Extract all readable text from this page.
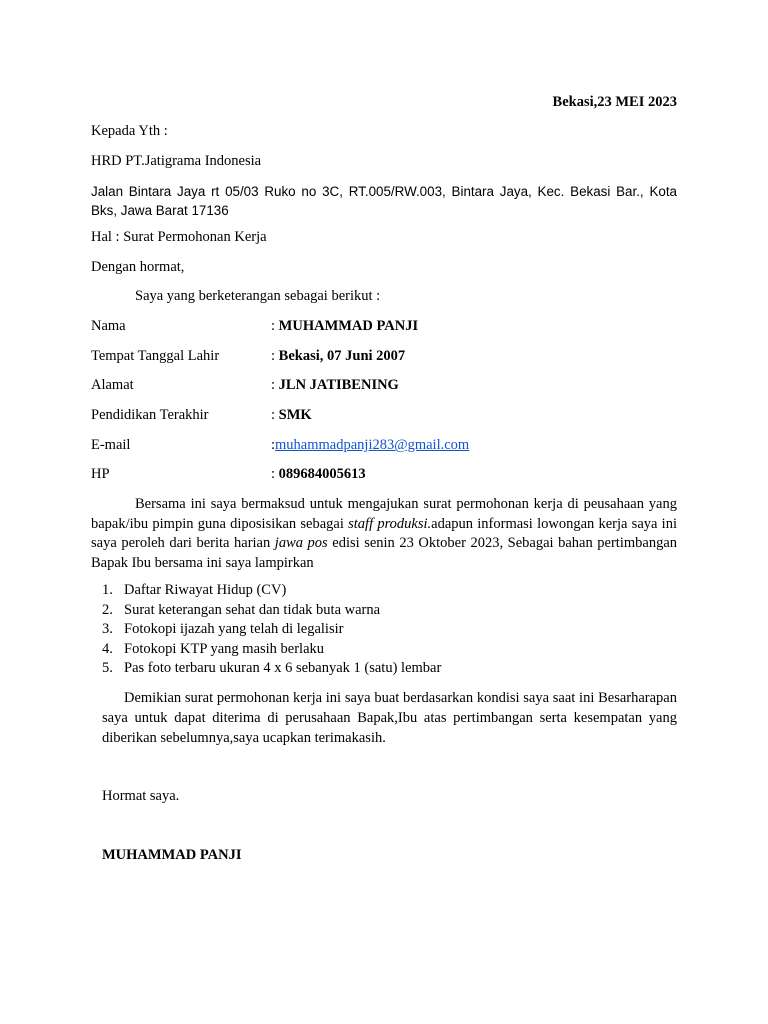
Bekasi,23 MEI 2023
Kepada Yth :
HRD PT.Jatigrama Indonesia
Jalan Bintara Jaya rt 05/03 Ruko no 3C, RT.005/RW.003, Bintara Jaya, Kec. Bekasi Bar., Kota Bks, Jawa Barat 17136
Hal : Surat Permohonan Kerja
Dengan hormat,
Saya yang berketerangan sebagai berikut :
Nama	: MUHAMMAD PANJI
Tempat Tanggal Lahir	: Bekasi, 07 Juni 2007
Alamat	: JLN JATIBENING
Pendidikan Terakhir	: SMK
E-mail	:muhammadpanji283@gmail.com
HP	: 089684005613
Bersama ini saya bermaksud untuk mengajukan surat permohonan kerja di peusahaan yang bapak/ibu pimpin guna diposisikan sebagai staff produksi.adapun informasi lowongan kerja saya ini saya peroleh dari berita harian jawa pos edisi senin 23 Oktober 2023, Sebagai bahan pertimbangan Bapak Ibu bersama ini saya lampirkan
1. Daftar Riwayat Hidup (CV)
2. Surat keterangan sehat dan tidak buta warna
3. Fotokopi ijazah yang telah di legalisir
4. Fotokopi KTP yang masih berlaku
5. Pas foto terbaru ukuran 4 x 6 sebanyak 1 (satu) lembar
Demikian surat permohonan kerja ini saya buat berdasarkan kondisi saya saat ini Besarharapan saya untuk dapat diterima di perusahaan Bapak,Ibu atas pertimbangan serta kesempatan yang diberikan sebelumnya,saya ucapkan terimakasih.
Hormat saya.
MUHAMMAD PANJI
